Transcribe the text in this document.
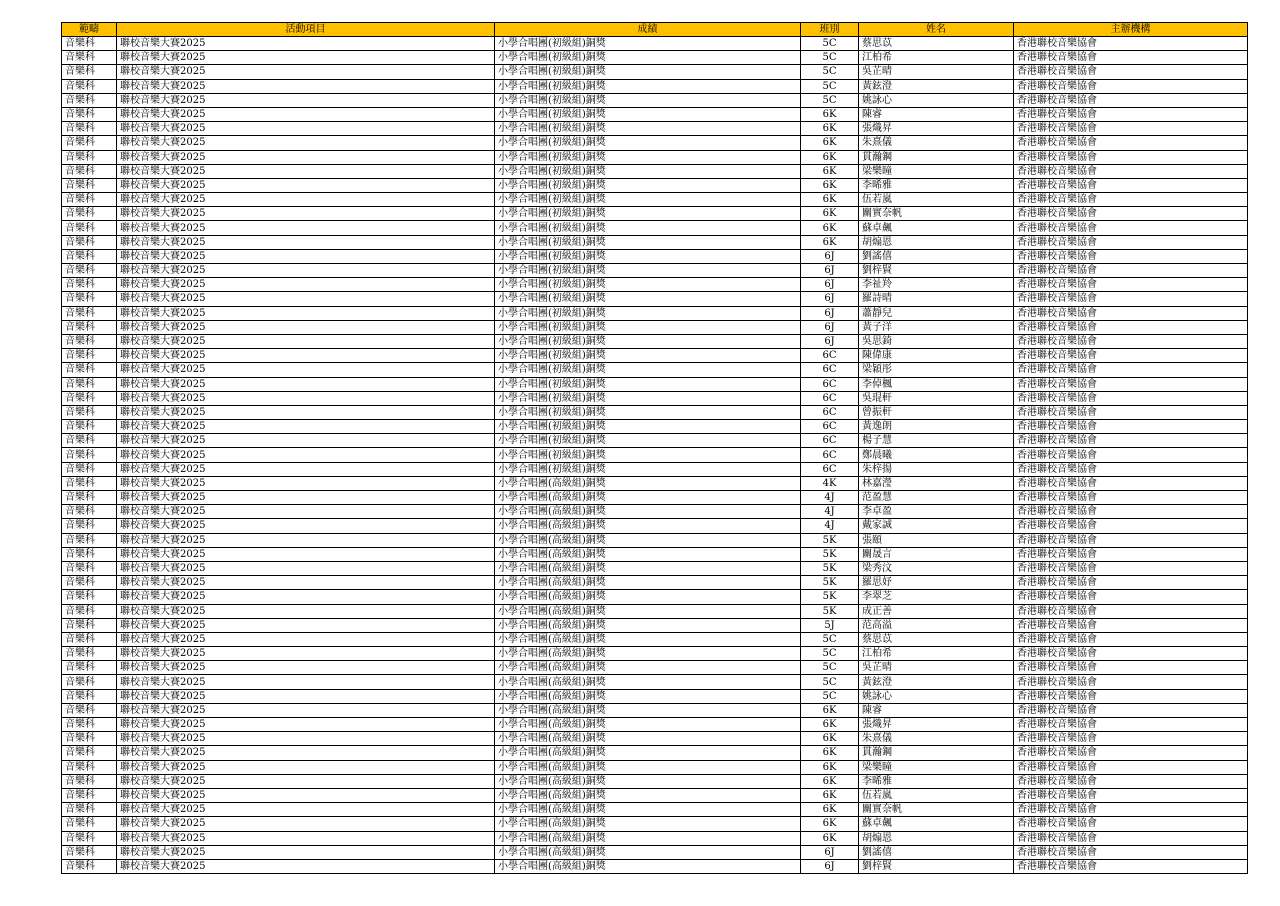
範疇	活動項目	成績	班別	姓名	主辦機構
音樂科	聯校音樂大賽2025	小學合唱團(初級組)銅獎	5C	蔡思苡	香港聯校音樂協會
音樂科	聯校音樂大賽2025	小學合唱團(初級組)銅獎	5C	江柏希	香港聯校音樂協會
音樂科	聯校音樂大賽2025	小學合唱團(初級組)銅獎	5C	吳芷晴	香港聯校音樂協會
音樂科	聯校音樂大賽2025	小學合唱團(初級組)銅獎	5C	黃鉉澄	香港聯校音樂協會
音樂科	聯校音樂大賽2025	小學合唱團(初級組)銅獎	5C	姚詠心	香港聯校音樂協會
音樂科	聯校音樂大賽2025	小學合唱團(初級組)銅獎	6K	陳睿	香港聯校音樂協會
音樂科	聯校音樂大賽2025	小學合唱團(初級組)銅獎	6K	張熾昇	香港聯校音樂協會
音樂科	聯校音樂大賽2025	小學合唱團(初級組)銅獎	6K	朱熹儀	香港聯校音樂協會
音樂科	聯校音樂大賽2025	小學合唱團(初級組)銅獎	6K	貫瀚鋼	香港聯校音樂協會
音樂科	聯校音樂大賽2025	小學合唱團(初級組)銅獎	6K	梁樂瞳	香港聯校音樂協會
音樂科	聯校音樂大賽2025	小學合唱團(初級組)銅獎	6K	李晞雅	香港聯校音樂協會
音樂科	聯校音樂大賽2025	小學合唱團(初級組)銅獎	6K	伍若嵐	香港聯校音樂協會
音樂科	聯校音樂大賽2025	小學合唱團(初級組)銅獎	6K	關實奈帆	香港聯校音樂協會
音樂科	聯校音樂大賽2025	小學合唱團(初級組)銅獎	6K	蘇卓飆	香港聯校音樂協會
音樂科	聯校音樂大賽2025	小學合唱團(初級組)銅獎	6K	胡煽恩	香港聯校音樂協會
音樂科	聯校音樂大賽2025	小學合唱團(初級組)銅獎	6J	劉謠僖	香港聯校音樂協會
音樂科	聯校音樂大賽2025	小學合唱團(初級組)銅獎	6J	劉梓賢	香港聯校音樂協會
音樂科	聯校音樂大賽2025	小學合唱團(初級組)銅獎	6J	李祉羚	香港聯校音樂協會
音樂科	聯校音樂大賽2025	小學合唱團(初級組)銅獎	6J	羅詩晴	香港聯校音樂協會
音樂科	聯校音樂大賽2025	小學合唱團(初級組)銅獎	6J	蕭靜兒	香港聯校音樂協會
音樂科	聯校音樂大賽2025	小學合唱團(初級組)銅獎	6J	黃子洋	香港聯校音樂協會
音樂科	聯校音樂大賽2025	小學合唱團(初級組)銅獎	6J	吳思錡	香港聯校音樂協會
音樂科	聯校音樂大賽2025	小學合唱團(初級組)銅獎	6C	陳偉康	香港聯校音樂協會
音樂科	聯校音樂大賽2025	小學合唱團(初級組)銅獎	6C	梁穎彤	香港聯校音樂協會
音樂科	聯校音樂大賽2025	小學合唱團(初級組)銅獎	6C	李倬楓	香港聯校音樂協會
音樂科	聯校音樂大賽2025	小學合唱團(初級組)銅獎	6C	吳琨軒	香港聯校音樂協會
音樂科	聯校音樂大賽2025	小學合唱團(初級組)銅獎	6C	曾振軒	香港聯校音樂協會
音樂科	聯校音樂大賽2025	小學合唱團(初級組)銅獎	6C	黃逸朗	香港聯校音樂協會
音樂科	聯校音樂大賽2025	小學合唱團(初級組)銅獎	6C	楊子慧	香港聯校音樂協會
音樂科	聯校音樂大賽2025	小學合唱團(初級組)銅獎	6C	鄭晨曦	香港聯校音樂協會
音樂科	聯校音樂大賽2025	小學合唱團(初級組)銅獎	6C	朱梓揚	香港聯校音樂協會
音樂科	聯校音樂大賽2025	小學合唱團(高級組)銅獎	4K	林嘉瀅	香港聯校音樂協會
音樂科	聯校音樂大賽2025	小學合唱團(高級組)銅獎	4J	范盈慧	香港聯校音樂協會
音樂科	聯校音樂大賽2025	小學合唱團(高級組)銅獎	4J	李卓盈	香港聯校音樂協會
音樂科	聯校音樂大賽2025	小學合唱團(高級組)銅獎	4J	戴家誠	香港聯校音樂協會
音樂科	聯校音樂大賽2025	小學合唱團(高級組)銅獎	5K	張頤	香港聯校音樂協會
音樂科	聯校音樂大賽2025	小學合唱團(高級組)銅獎	5K	關晟言	香港聯校音樂協會
音樂科	聯校音樂大賽2025	小學合唱團(高級組)銅獎	5K	梁秀汶	香港聯校音樂協會
音樂科	聯校音樂大賽2025	小學合唱團(高級組)銅獎	5K	羅思妤	香港聯校音樂協會
音樂科	聯校音樂大賽2025	小學合唱團(高級組)銅獎	5K	李翠芝	香港聯校音樂協會
音樂科	聯校音樂大賽2025	小學合唱團(高級組)銅獎	5K	成正善	香港聯校音樂協會
音樂科	聯校音樂大賽2025	小學合唱團(高級組)銅獎	5J	范高溢	香港聯校音樂協會
音樂科	聯校音樂大賽2025	小學合唱團(高級組)銅獎	5C	蔡思苡	香港聯校音樂協會
音樂科	聯校音樂大賽2025	小學合唱團(高級組)銅獎	5C	江柏希	香港聯校音樂協會
音樂科	聯校音樂大賽2025	小學合唱團(高級組)銅獎	5C	吳芷晴	香港聯校音樂協會
音樂科	聯校音樂大賽2025	小學合唱團(高級組)銅獎	5C	黃鉉澄	香港聯校音樂協會
音樂科	聯校音樂大賽2025	小學合唱團(高級組)銅獎	5C	姚詠心	香港聯校音樂協會
音樂科	聯校音樂大賽2025	小學合唱團(高級組)銅獎	6K	陳睿	香港聯校音樂協會
音樂科	聯校音樂大賽2025	小學合唱團(高級組)銅獎	6K	張熾昇	香港聯校音樂協會
音樂科	聯校音樂大賽2025	小學合唱團(高級組)銅獎	6K	朱熹儀	香港聯校音樂協會
音樂科	聯校音樂大賽2025	小學合唱團(高級組)銅獎	6K	貫瀚鋼	香港聯校音樂協會
音樂科	聯校音樂大賽2025	小學合唱團(高級組)銅獎	6K	梁樂瞳	香港聯校音樂協會
音樂科	聯校音樂大賽2025	小學合唱團(高級組)銅獎	6K	李晞雅	香港聯校音樂協會
音樂科	聯校音樂大賽2025	小學合唱團(高級組)銅獎	6K	伍若嵐	香港聯校音樂協會
音樂科	聯校音樂大賽2025	小學合唱團(高級組)銅獎	6K	關實奈帆	香港聯校音樂協會
音樂科	聯校音樂大賽2025	小學合唱團(高級組)銅獎	6K	蘇卓飆	香港聯校音樂協會
音樂科	聯校音樂大賽2025	小學合唱團(高級組)銅獎	6K	胡煽恩	香港聯校音樂協會
音樂科	聯校音樂大賽2025	小學合唱團(高級組)銅獎	6J	劉謠僖	香港聯校音樂協會
音樂科	聯校音樂大賽2025	小學合唱團(高級組)銅獎	6J	劉梓賢	香港聯校音樂協會
